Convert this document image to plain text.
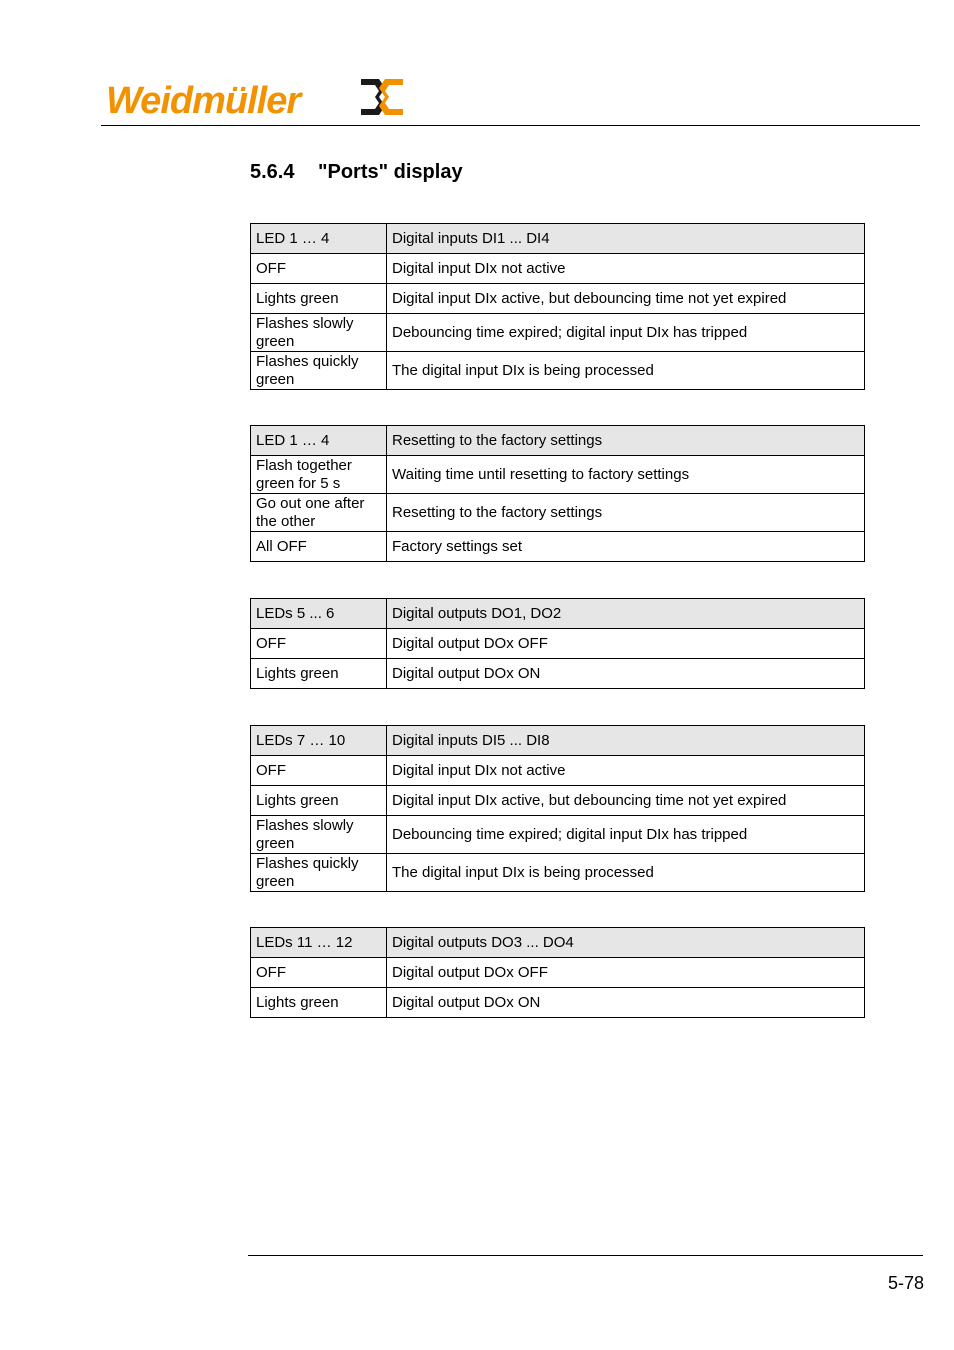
Weidmüller
5.6.4 "Ports" display
LED 1 … 4	Digital inputs DI1 ... DI4
OFF	Digital input DIx not active
Lights green	Digital input DIx active, but debouncing time not yet expired
Flashes slowly green	Debouncing time expired; digital input DIx has tripped
Flashes quickly green	The digital input DIx is being processed
LED 1 … 4	Resetting to the factory settings
Flash together green for 5 s	Waiting time until resetting to factory settings
Go out one after the other	Resetting to the factory settings
All OFF	Factory settings set
LEDs 5 ... 6	Digital outputs DO1, DO2
OFF	Digital output DOx OFF
Lights green	Digital output DOx ON
LEDs 7 … 10	Digital inputs DI5 ... DI8
OFF	Digital input DIx not active
Lights green	Digital input DIx active, but debouncing time not yet expired
Flashes slowly green	Debouncing time expired; digital input DIx has tripped
Flashes quickly green	The digital input DIx is being processed
LEDs 11 … 12	Digital outputs DO3 ... DO4
OFF	Digital output DOx OFF
Lights green	Digital output DOx ON
5-78
